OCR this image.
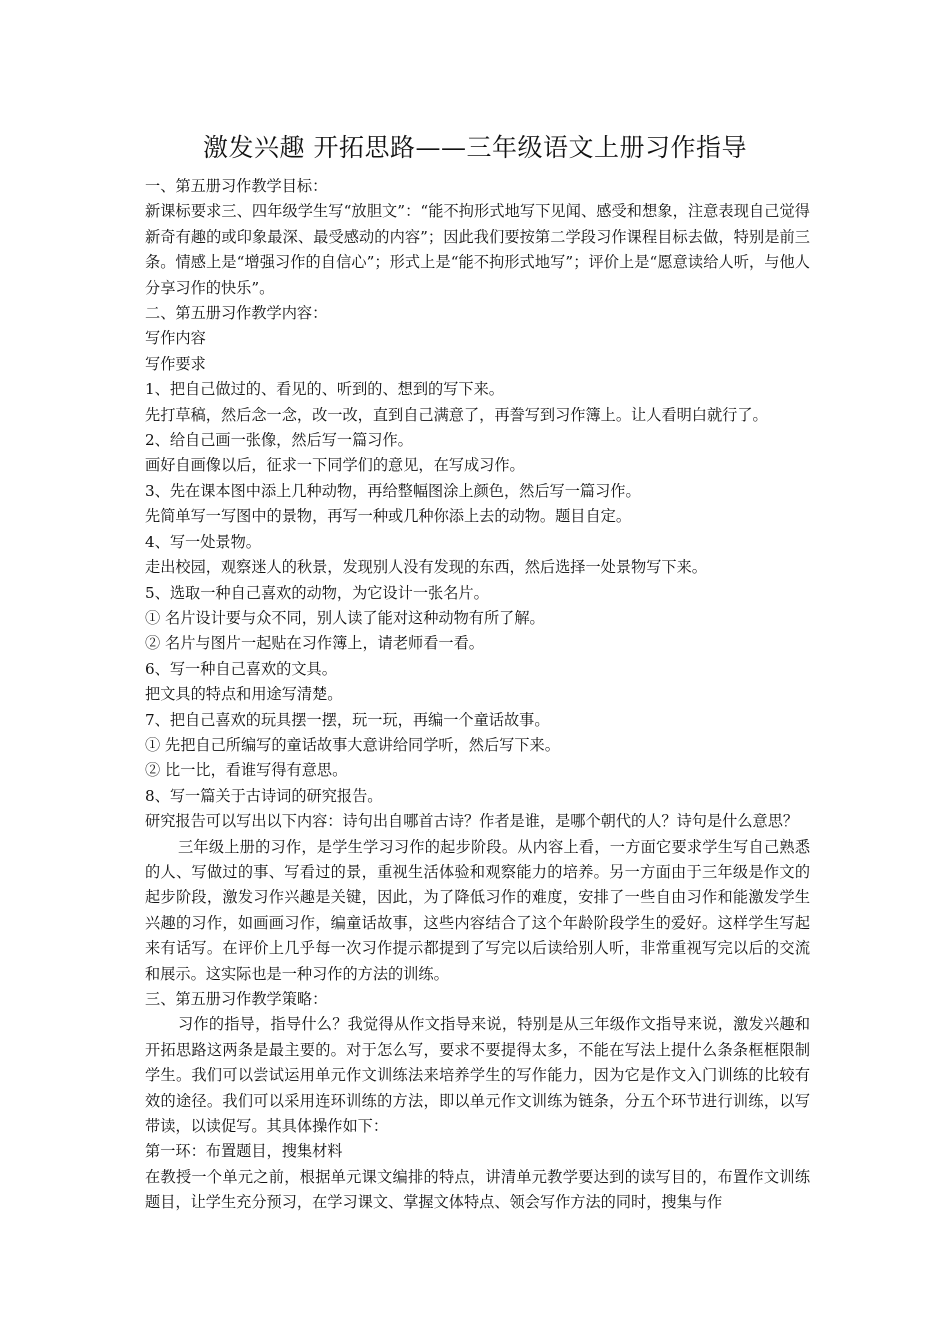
激发兴趣 开拓思路——三年级语文上册习作指导

一、第五册习作教学目标：

新课标要求三、四年级学生写“放胆文”：“能不拘形式地写下见闻、感受和想象，注意表现自己觉得新奇有趣的或印象最深、最受感动的内容”；因此我们要按第二学段习作课程目标去做，特别是前三条。情感上是“增强习作的自信心”；形式上是“能不拘形式地写”；评价上是“愿意读给人听，与他人分享习作的快乐”。

二、第五册习作教学内容：

写作内容

写作要求

1、把自己做过的、看见的、听到的、想到的写下来。

先打草稿，然后念一念，改一改，直到自己满意了，再誊写到习作簿上。让人看明白就行了。

2、给自己画一张像，然后写一篇习作。

画好自画像以后，征求一下同学们的意见，在写成习作。

3、先在课本图中添上几种动物，再给整幅图涂上颜色，然后写一篇习作。

先简单写一写图中的景物，再写一种或几种你添上去的动物。题目自定。

4、写一处景物。

走出校园，观察迷人的秋景，发现别人没有发现的东西，然后选择一处景物写下来。

5、选取一种自己喜欢的动物，为它设计一张名片。

① 名片设计要与众不同，别人读了能对这种动物有所了解。

② 名片与图片一起贴在习作簿上，请老师看一看。

6、写一种自己喜欢的文具。

把文具的特点和用途写清楚。

7、把自己喜欢的玩具摆一摆，玩一玩，再编一个童话故事。

① 先把自己所编写的童话故事大意讲给同学听，然后写下来。

② 比一比，看谁写得有意思。

8、写一篇关于古诗词的研究报告。

研究报告可以写出以下内容：诗句出自哪首古诗？作者是谁，是哪个朝代的人？诗句是什么意思？

三年级上册的习作，是学生学习习作的起步阶段。从内容上看，一方面它要求学生写自己熟悉的人、写做过的事、写看过的景，重视生活体验和观察能力的培养。另一方面由于三年级是作文的起步阶段，激发习作兴趣是关键，因此，为了降低习作的难度，安排了一些自由习作和能激发学生兴趣的习作，如画画习作，编童话故事，这些内容结合了这个年龄阶段学生的爱好。这样学生写起来有话写。在评价上几乎每一次习作提示都提到了写完以后读给别人听，非常重视写完以后的交流和展示。这实际也是一种习作的方法的训练。

三、第五册习作教学策略：

习作的指导，指导什么？我觉得从作文指导来说，特别是从三年级作文指导来说，激发兴趣和开拓思路这两条是最主要的。对于怎么写，要求不要提得太多，不能在写法上提什么条条框框限制学生。我们可以尝试运用单元作文训练法来培养学生的写作能力，因为它是作文入门训练的比较有效的途径。我们可以采用连环训练的方法，即以单元作文训练为链条，分五个环节进行训练，以写带读，以读促写。其具体操作如下：

第一环：布置题目，搜集材料

在教授一个单元之前，根据单元课文编排的特点，讲清单元教学要达到的读写目的，布置作文训练题目，让学生充分预习，在学习课文、掌握文体特点、领会写作方法的同时，搜集与作
